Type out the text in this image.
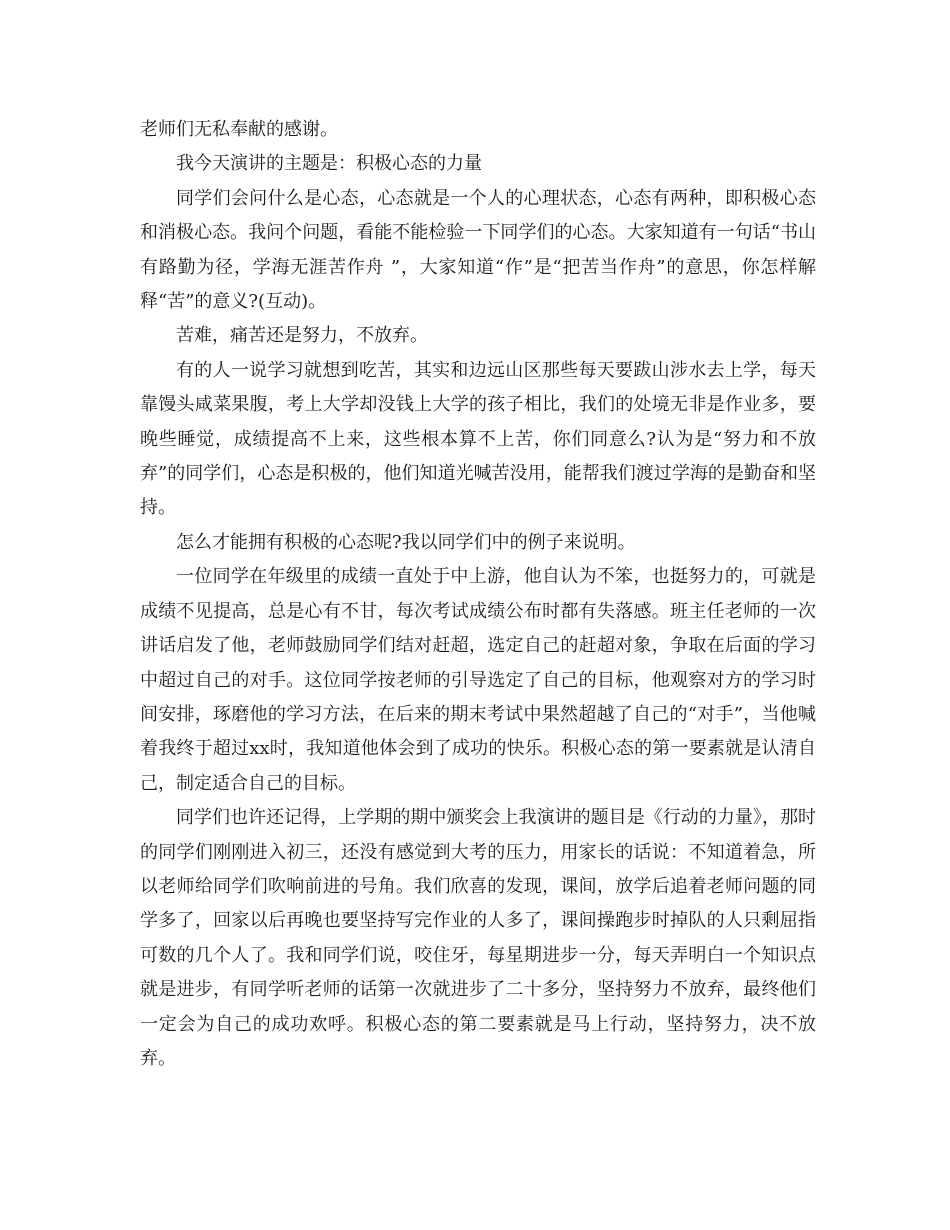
老师们无私奉献的感谢。

我今天演讲的主题是：积极心态的力量

同学们会问什么是心态，心态就是一个人的心理状态，心态有两种，即积极心态和消极心态。我问个问题，看能不能检验一下同学们的心态。大家知道有一句话“书山有路勤为径，学海无涯苦作舟 ”，大家知道“作”是“把苦当作舟”的意思，你怎样解释“苦”的意义?(互动)。

苦难，痛苦还是努力，不放弃。

有的人一说学习就想到吃苦，其实和边远山区那些每天要跋山涉水去上学，每天靠馒头咸菜果腹，考上大学却没钱上大学的孩子相比，我们的处境无非是作业多，要晚些睡觉，成绩提高不上来，这些根本算不上苦，你们同意么?认为是“努力和不放弃”的同学们，心态是积极的，他们知道光喊苦没用，能帮我们渡过学海的是勤奋和坚持。

怎么才能拥有积极的心态呢?我以同学们中的例子来说明。

一位同学在年级里的成绩一直处于中上游，他自认为不笨，也挺努力的，可就是成绩不见提高，总是心有不甘，每次考试成绩公布时都有失落感。班主任老师的一次讲话启发了他，老师鼓励同学们结对赶超，选定自己的赶超对象，争取在后面的学习中超过自己的对手。这位同学按老师的引导选定了自己的目标，他观察对方的学习时间安排，琢磨他的学习方法，在后来的期末考试中果然超越了自己的“对手”，当他喊着我终于超过xx时，我知道他体会到了成功的快乐。积极心态的第一要素就是认清自己，制定适合自己的目标。

同学们也许还记得，上学期的期中颁奖会上我演讲的题目是《行动的力量》，那时的同学们刚刚进入初三，还没有感觉到大考的压力，用家长的话说：不知道着急，所以老师给同学们吹响前进的号角。我们欣喜的发现，课间，放学后追着老师问题的同学多了，回家以后再晚也要坚持写完作业的人多了，课间操跑步时掉队的人只剩屈指可数的几个人了。我和同学们说，咬住牙，每星期进步一分，每天弄明白一个知识点就是进步，有同学听老师的话第一次就进步了二十多分，坚持努力不放弃，最终他们一定会为自己的成功欢呼。积极心态的第二要素就是马上行动，坚持努力，决不放弃。
